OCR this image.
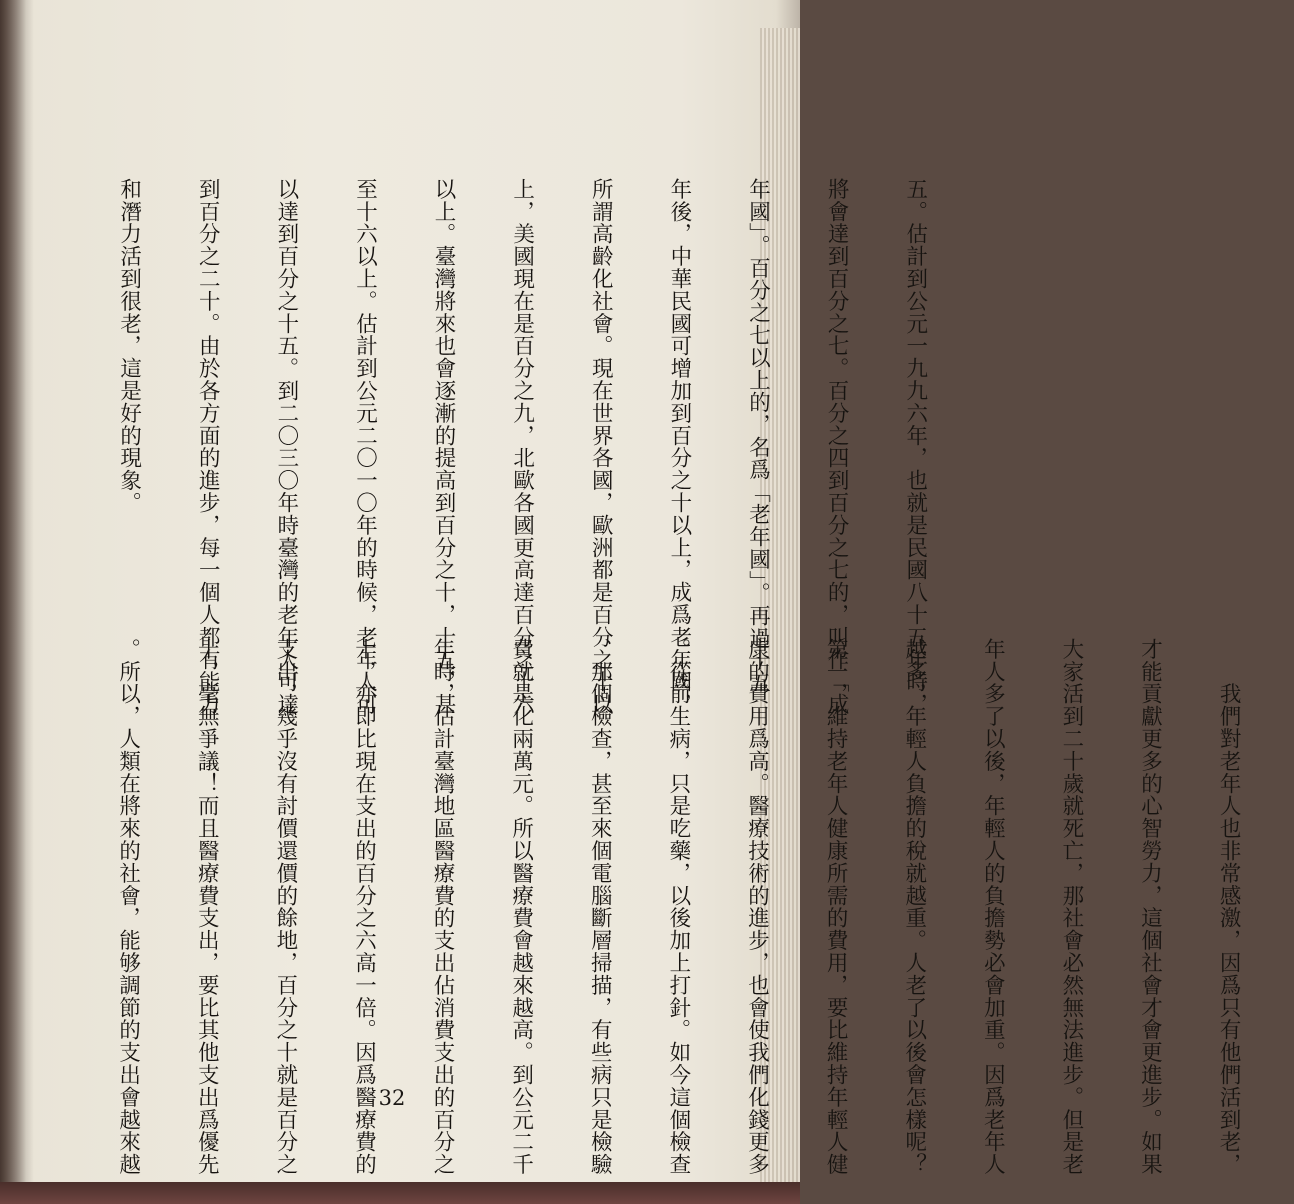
五。估計到公元一九九六年，也就是民國八十五年時，

將會達到百分之七。百分之四到百分之七的，叫作「成

年國」。百分之七以上的，名爲「老年國」。再過十五

年後，中華民國可增加到百分之十以上，成爲老年國，

所謂高齡化社會。現在世界各國，歐洲都是百分之十以

上，美國現在是百分之九，北歐各國更高達百分之十六

以上。臺灣將來也會逐漸的提高到百分之十，十五，甚

至十六以上。估計到公元二〇一〇年的時候，老年人可

以達到百分之十五。到二〇三〇年時臺灣的老年人可達

到百分之二十。由於各方面的進步，每一個人都有能力

和潛力活到很老，這是好的現象。

　　我們對老年人也非常感激，因爲只有他們活到老，

才能貢獻更多的心智勞力，這個社會才會更進步。如果

大家活到二十歲就死亡，那社會必然無法進步。但是老

年人多了以後，年輕人的負擔勢必會加重。因爲老年人

越多，年輕人負擔的稅就越重。人老了以後會怎樣呢？

第一，維持老年人健康所需的費用，要比維持年輕人健

康的費用爲高。醫療技術的進步，也會使我們化錢更多

。從前生病，只是吃藥，以後加上打針。如今這個檢查

、那個檢查，甚至來個電腦斷層掃描，有些病只是檢驗

費就是化兩萬元。所以醫療費會越來越高。到公元二千

年時，估計臺灣地區醫療費的支出佔消費支出的百分之

十，亦即比現在支出的百分之六高一倍。因爲醫療費的

支出，幾乎沒有討價還價的餘地，百分之十就是百分之

十，毫無爭議！而且醫療費支出，要比其他支出爲優先

。所以，人類在將來的社會，能够調節的支出會越來越

	32
